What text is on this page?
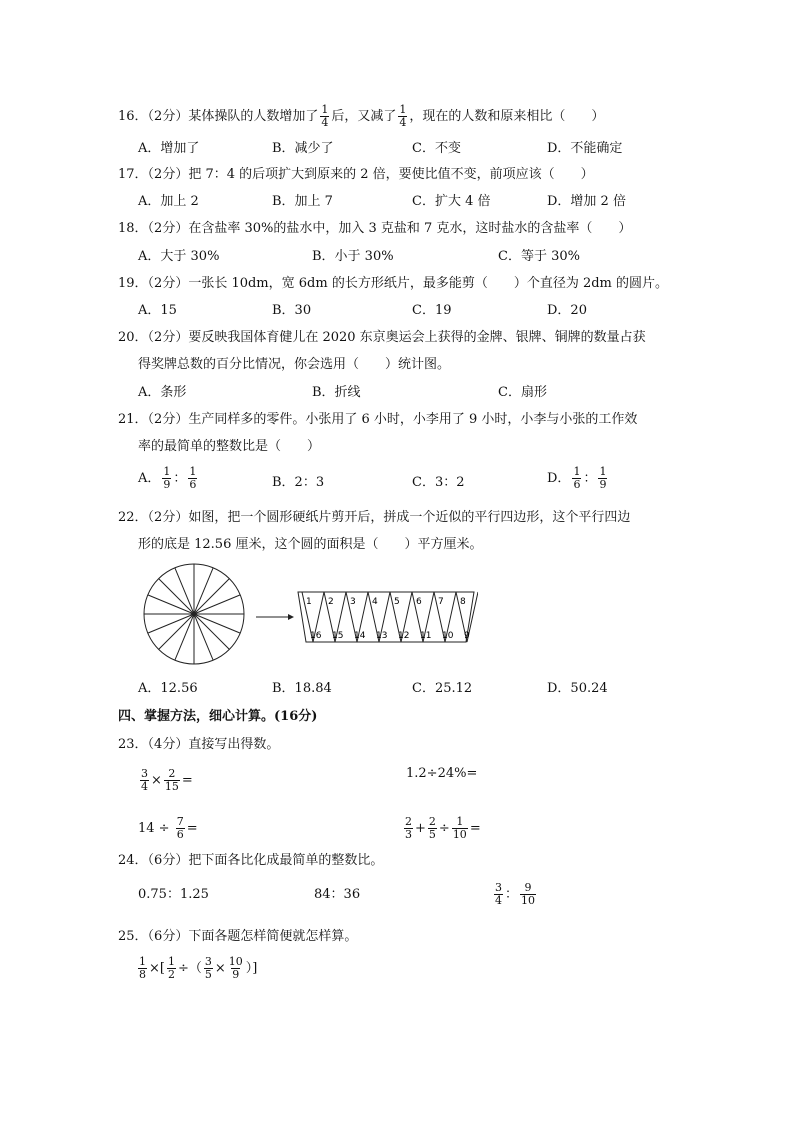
16．（2分）某体操队的人数增加了 $\frac{1}{4}$ 后，又减了 $\frac{1}{4}$ ，现在的人数和原来相比（　　）
A．增加了	B．减少了	C．不变	D．不能确定
17．（2分）把 7：4 的后项扩大到原来的 2 倍，要使比值不变，前项应该（　　）
A．加上 2	B．加上 7	C．扩大 4 倍	D．增加 2 倍
18．（2分）在含盐率 30%的盐水中，加入 3 克盐和 7 克水，这时盐水的含盐率（　　）
A．大于 30%	B．小于 30%	C．等于 30%
19．（2分）一张长 10dm，宽 6dm 的长方形纸片，最多能剪（　　）个直径为 2dm 的圆片。
A．15	B．30	C．19	D．20
20．（2分）要反映我国体育健儿在 2020 东京奥运会上获得的金牌、银牌、铜牌的数量占获
得奖牌总数的百分比情况，你会选用（　　）统计图。
A．条形	B．折线	C．扇形
21．（2分）生产同样多的零件。小张用了 6 小时，小李用了 9 小时，小李与小张的工作效
率的最简单的整数比是（　　）
A． $\frac{1}{9}$ ： $\frac{1}{6}$	B．2：3	C．3：2	D． $\frac{1}{6}$ ： $\frac{1}{9}$
22．（2分）如图，把一个圆形硬纸片剪开后，拼成一个近似的平行四边形，这个平行四边
形的底是 12.56 厘米，这个圆的面积是（　　）平方厘米。
1 2 3 4 5 6 7 8
16 15 14 13 12 11 10 9
A．12.56	B．18.84	C．25.12	D．50.24
四、掌握方法，细心计算。(16分)
23．（4分）直接写出得数。
$\frac{3}{4} \times \frac{2}{15}$ =	1.2÷24%=
$14 \div \frac{7}{6}$ =	$\frac{2}{3} + \frac{2}{5} \div \frac{1}{10}$ =
24．（6分）把下面各比化成最简单的整数比。
0.75：1.25	84：36	$\frac{3}{4}$ ： $\frac{9}{10}$
25．（6分）下面各题怎样简便就怎样算。
$\frac{1}{8}$ ×[ $\frac{1}{2}$ ÷（ $\frac{3}{5} \times \frac{10}{9}$ ）]
